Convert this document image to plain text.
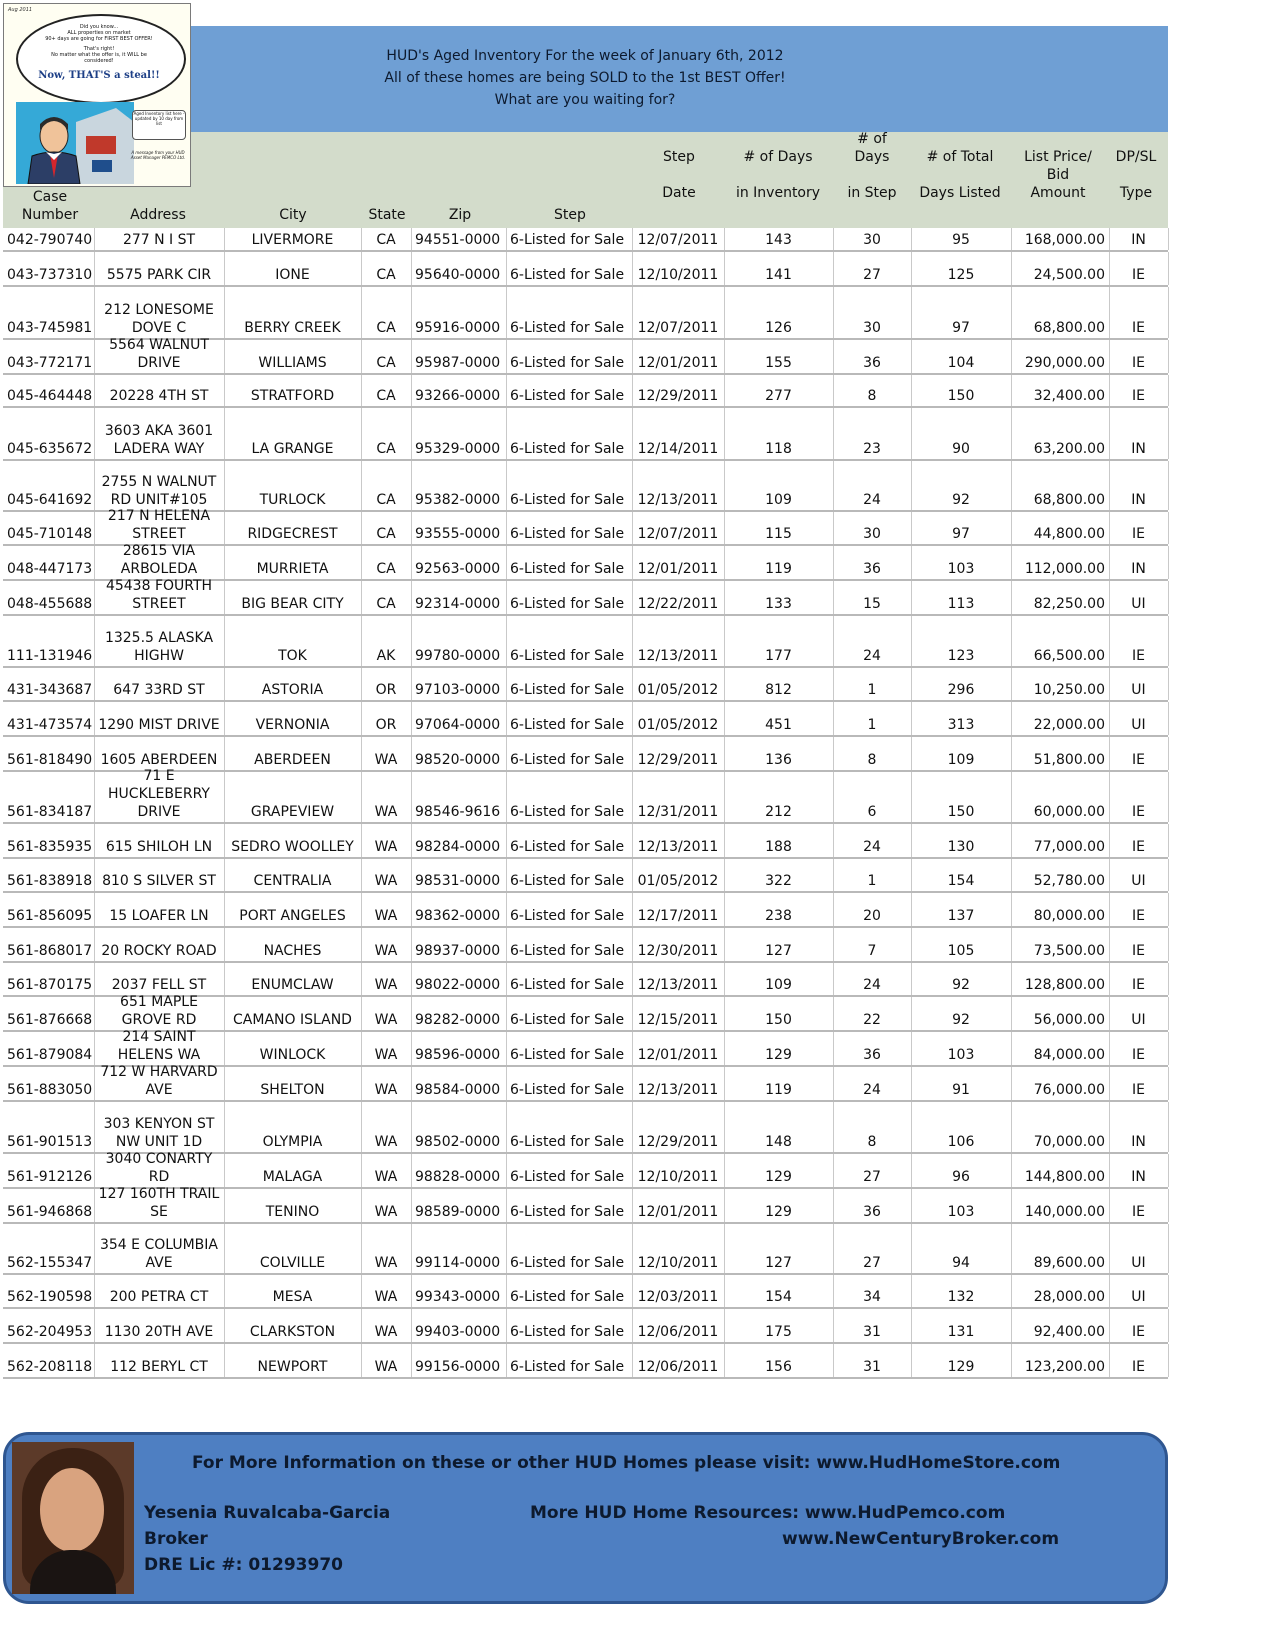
HUD's Aged Inventory For the week of January 6th, 2012
All of these homes are being SOLD to the 1st BEST Offer!
What are you waiting for?
Aug 2011
Did you know...
ALL properties on market
90+ days are going for FIRST BEST OFFER!
That's right!
No matter what the offer is, it WILL be
considered!
Now, THAT'S a steal!!
Aged Inventory list here - updated by 10 day from list
A message from your HUD Asset Manager PEMCO Ltd.
Case
Number	Address	City	State	Zip	Step
Step
Date
# of Days
in Inventory
# of
Days
in Step
# of Total
Days Listed
List Price/
Bid
Amount
DP/SL
Type
042-790740	277 N I ST	LIVERMORE	CA	94551-0000 6-Listed for Sale 12/07/2011	143	30	95	168,000.00	IN
043-737310	5575 PARK CIR	IONE	CA	95640-0000 6-Listed for Sale 12/10/2011	141	27	125	24,500.00	IE
043-745981
212 LONESOME
DOVE C	BERRY CREEK	CA	95916-0000 6-Listed for Sale 12/07/2011	126	30	97	68,800.00	IE
043-772171
5564 WALNUT
DRIVE	WILLIAMS	CA	95987-0000 6-Listed for Sale 12/01/2011	155	36	104	290,000.00	IE
045-464448	20228 4TH ST	STRATFORD	CA	93266-0000 6-Listed for Sale 12/29/2011	277	8	150	32,400.00	IE
045-635672
3603 AKA 3601
LADERA WAY	LA GRANGE	CA	95329-0000 6-Listed for Sale 12/14/2011	118	23	90	63,200.00	IN
045-641692
2755 N WALNUT
RD UNIT#105	TURLOCK	CA	95382-0000 6-Listed for Sale 12/13/2011	109	24	92	68,800.00	IN
045-710148
217 N HELENA
STREET	RIDGECREST	CA	93555-0000 6-Listed for Sale 12/07/2011	115	30	97	44,800.00	IE
048-447173
28615 VIA
ARBOLEDA	MURRIETA	CA	92563-0000 6-Listed for Sale 12/01/2011	119	36	103	112,000.00	IN
048-455688
45438 FOURTH
STREET	BIG BEAR CITY	CA	92314-0000 6-Listed for Sale 12/22/2011	133	15	113	82,250.00	UI
111-131946
1325.5 ALASKA
HIGHW	TOK	AK	99780-0000 6-Listed for Sale 12/13/2011	177	24	123	66,500.00	IE
431-343687	647 33RD ST	ASTORIA	OR	97103-0000 6-Listed for Sale 01/05/2012	812	1	296	10,250.00	UI
431-473574 1290 MIST DRIVE	VERNONIA	OR	97064-0000 6-Listed for Sale 01/05/2012	451	1	313	22,000.00	UI
561-818490 1605 ABERDEEN	ABERDEEN	WA	98520-0000 6-Listed for Sale 12/29/2011	136	8	109	51,800.00	IE
561-834187
71 E
HUCKLEBERRY
DRIVE	GRAPEVIEW	WA	98546-9616 6-Listed for Sale 12/31/2011	212	6	150	60,000.00	IE
561-835935 615 SHILOH LN	SEDRO WOOLLEY	WA	98284-0000 6-Listed for Sale 12/13/2011	188	24	130	77,000.00	IE
561-838918 810 S SILVER ST	CENTRALIA	WA	98531-0000 6-Listed for Sale 01/05/2012	322	1	154	52,780.00	UI
561-856095	15 LOAFER LN	PORT ANGELES	WA	98362-0000 6-Listed for Sale 12/17/2011	238	20	137	80,000.00	IE
561-868017 20 ROCKY ROAD	NACHES	WA	98937-0000 6-Listed for Sale 12/30/2011	127	7	105	73,500.00	IE
561-870175	2037 FELL ST	ENUMCLAW	WA	98022-0000 6-Listed for Sale 12/13/2011	109	24	92	128,800.00	IE
561-876668
651 MAPLE
GROVE RD	CAMANO ISLAND	WA	98282-0000 6-Listed for Sale 12/15/2011	150	22	92	56,000.00	UI
561-879084
214 SAINT
HELENS WA	WINLOCK	WA	98596-0000 6-Listed for Sale 12/01/2011	129	36	103	84,000.00	IE
561-883050
712 W HARVARD
AVE	SHELTON	WA	98584-0000 6-Listed for Sale 12/13/2011	119	24	91	76,000.00	IE
561-901513
303 KENYON ST
NW UNIT 1D	OLYMPIA	WA	98502-0000 6-Listed for Sale 12/29/2011	148	8	106	70,000.00	IN
561-912126
3040 CONARTY
RD	MALAGA	WA	98828-0000 6-Listed for Sale 12/10/2011	129	27	96	144,800.00	IN
561-946868
127 160TH TRAIL
SE	TENINO	WA	98589-0000 6-Listed for Sale 12/01/2011	129	36	103	140,000.00	IE
562-155347
354 E COLUMBIA
AVE	COLVILLE	WA	99114-0000 6-Listed for Sale 12/10/2011	127	27	94	89,600.00	UI
562-190598	200 PETRA CT	MESA	WA	99343-0000 6-Listed for Sale 12/03/2011	154	34	132	28,000.00	UI
562-204953 1130 20TH AVE	CLARKSTON	WA	99403-0000 6-Listed for Sale 12/06/2011	175	31	131	92,400.00	IE
562-208118	112 BERYL CT	NEWPORT	WA	99156-0000 6-Listed for Sale 12/06/2011	156	31	129	123,200.00	IE
For More Information on these or other HUD Homes please visit: www.HudHomeStore.com
Yesenia Ruvalcaba-Garcia
Broker
DRE Lic #: 01293970
More HUD Home Resources: www.HudPemco.com
www.NewCenturyBroker.com
